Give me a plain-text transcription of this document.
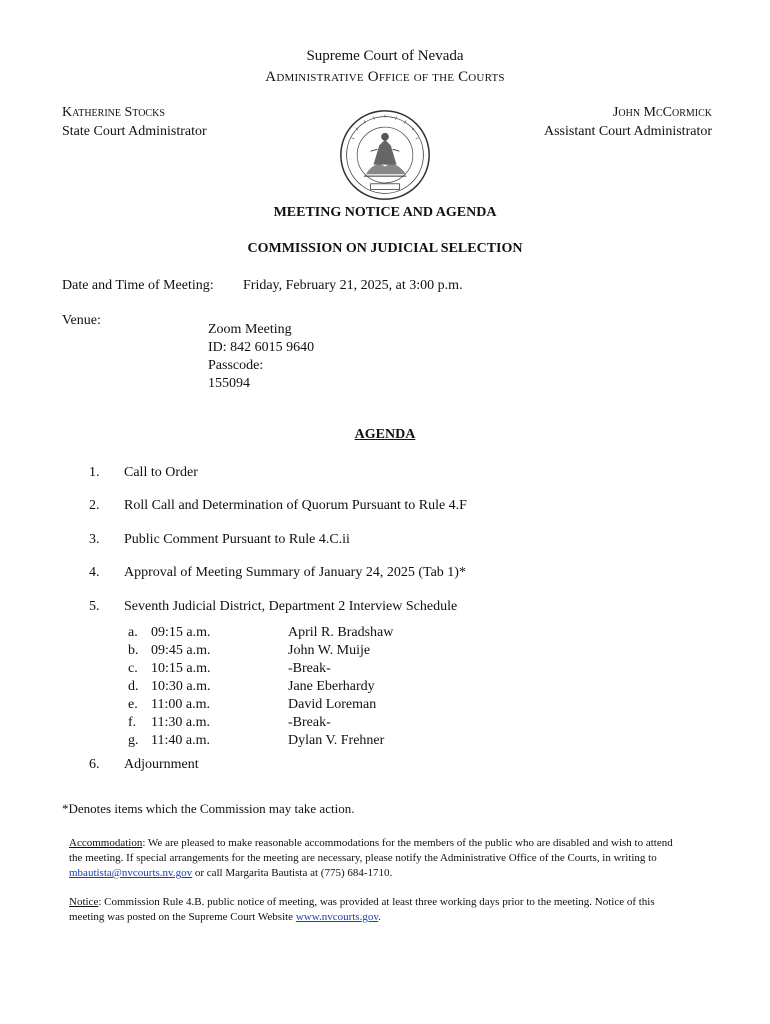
Supreme Court of Nevada
Administrative Office of the Courts
Katherine Stocks
State Court Administrator
John McCormick
Assistant Court Administrator
MEETING NOTICE AND AGENDA
COMMISSION ON JUDICIAL SELECTION
Date and Time of Meeting: Friday, February 21, 2025, at 3:00 p.m.
Venue:
Zoom Meeting
ID: 842 6015 9640
Passcode:
155094
AGENDA
1. Call to Order
2. Roll Call and Determination of Quorum Pursuant to Rule 4.F
3. Public Comment Pursuant to Rule 4.C.ii
4. Approval of Meeting Summary of January 24, 2025 (Tab 1)*
5. Seventh Judicial District, Department 2 Interview Schedule
a. 09:15 a.m.	April R. Bradshaw
b. 09:45 a.m.	John W. Muije
c. 10:15 a.m.	-Break-
d. 10:30 a.m.	Jane Eberhardy
e. 11:00 a.m.	David Loreman
f. 11:30 a.m.	-Break-
g. 11:40 a.m.	Dylan V. Frehner
6. Adjournment
*Denotes items which the Commission may take action.
Accommodation: We are pleased to make reasonable accommodations for the members of the public who are disabled and wish to attend the meeting. If special arrangements for the meeting are necessary, please notify the Administrative Office of the Courts, in writing to mbautista@nvcourts.nv.gov or call Margarita Bautista at (775) 684-1710.
Notice: Commission Rule 4.B. public notice of meeting, was provided at least three working days prior to the meeting. Notice of this meeting was posted on the Supreme Court Website www.nvcourts.gov.
